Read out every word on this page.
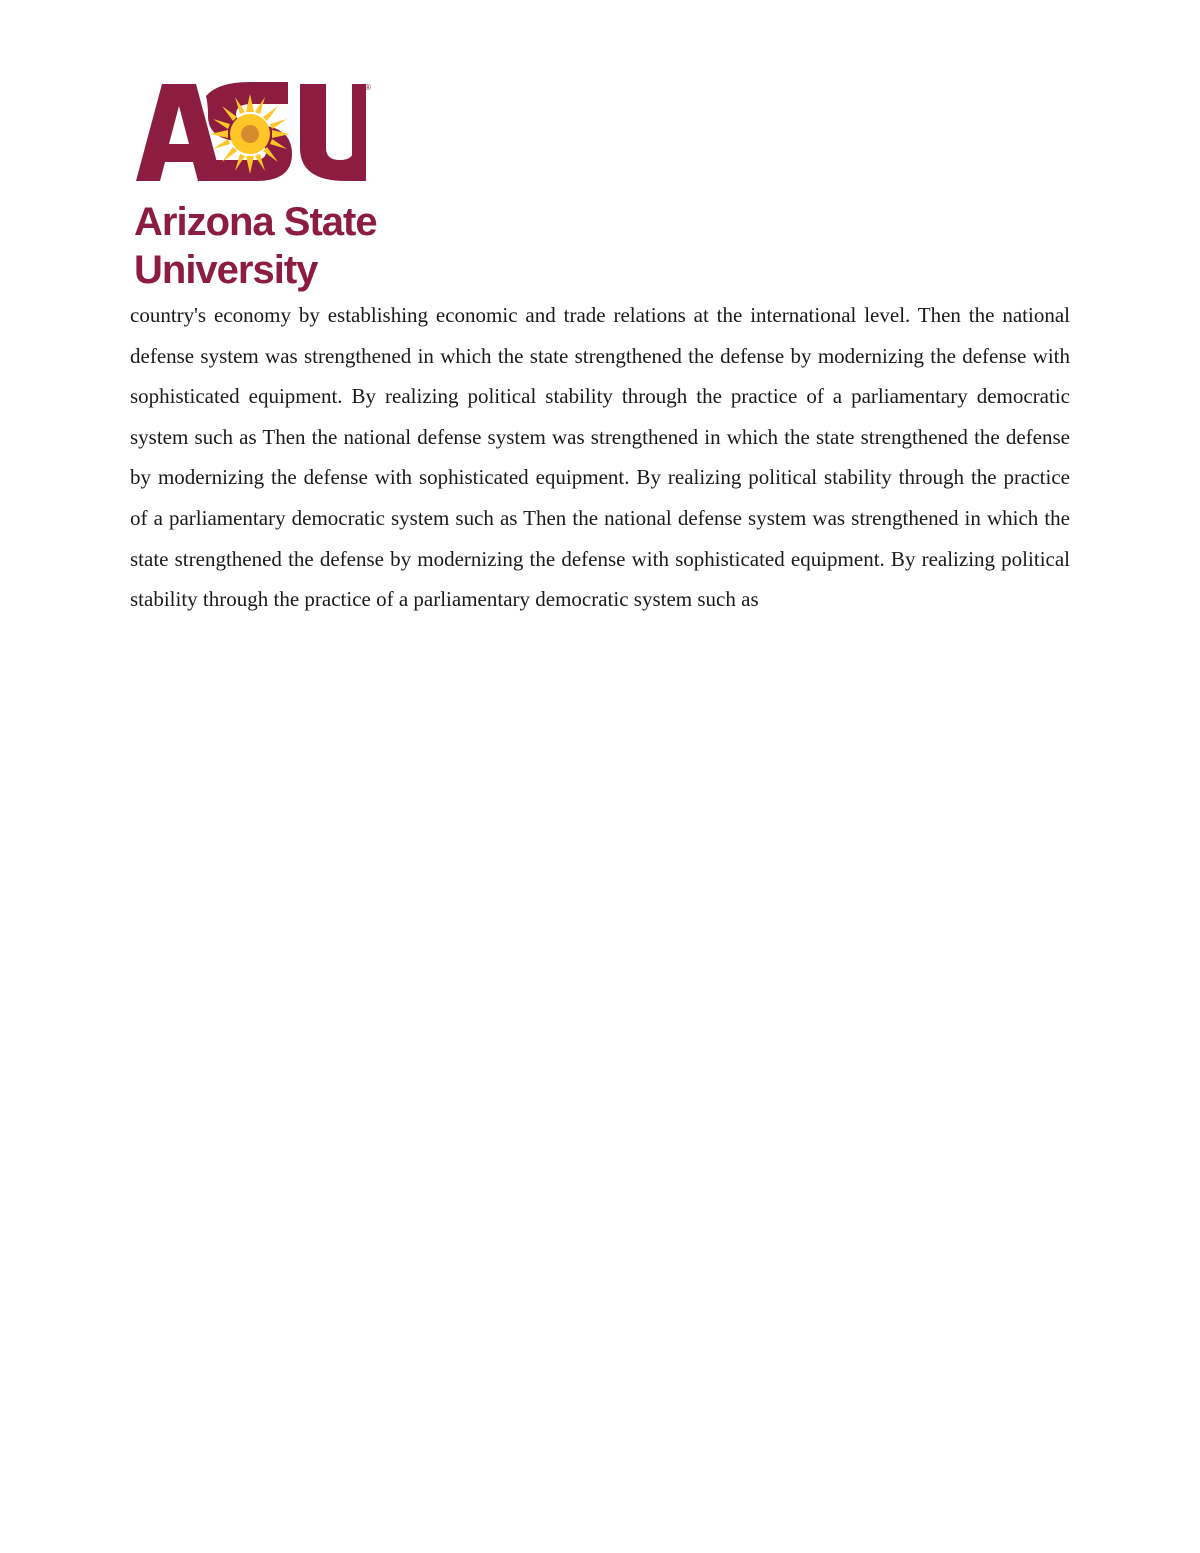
®
Arizona State
University

country's economy by establishing economic and trade relations at the international level. Then the national defense system was strengthened in which the state strengthened the defense by modernizing the defense with sophisticated equipment. By realizing political stability through the practice of a parliamentary democratic system such as Then the national defense system was strengthened in which the state strengthened the defense by modernizing the defense with sophisticated equipment. By realizing political stability through the practice of a parliamentary democratic system such as Then the national defense system was strengthened in which the state strengthened the defense by modernizing the defense with sophisticated equipment. By realizing political stability through the practice of a parliamentary democratic system such as
